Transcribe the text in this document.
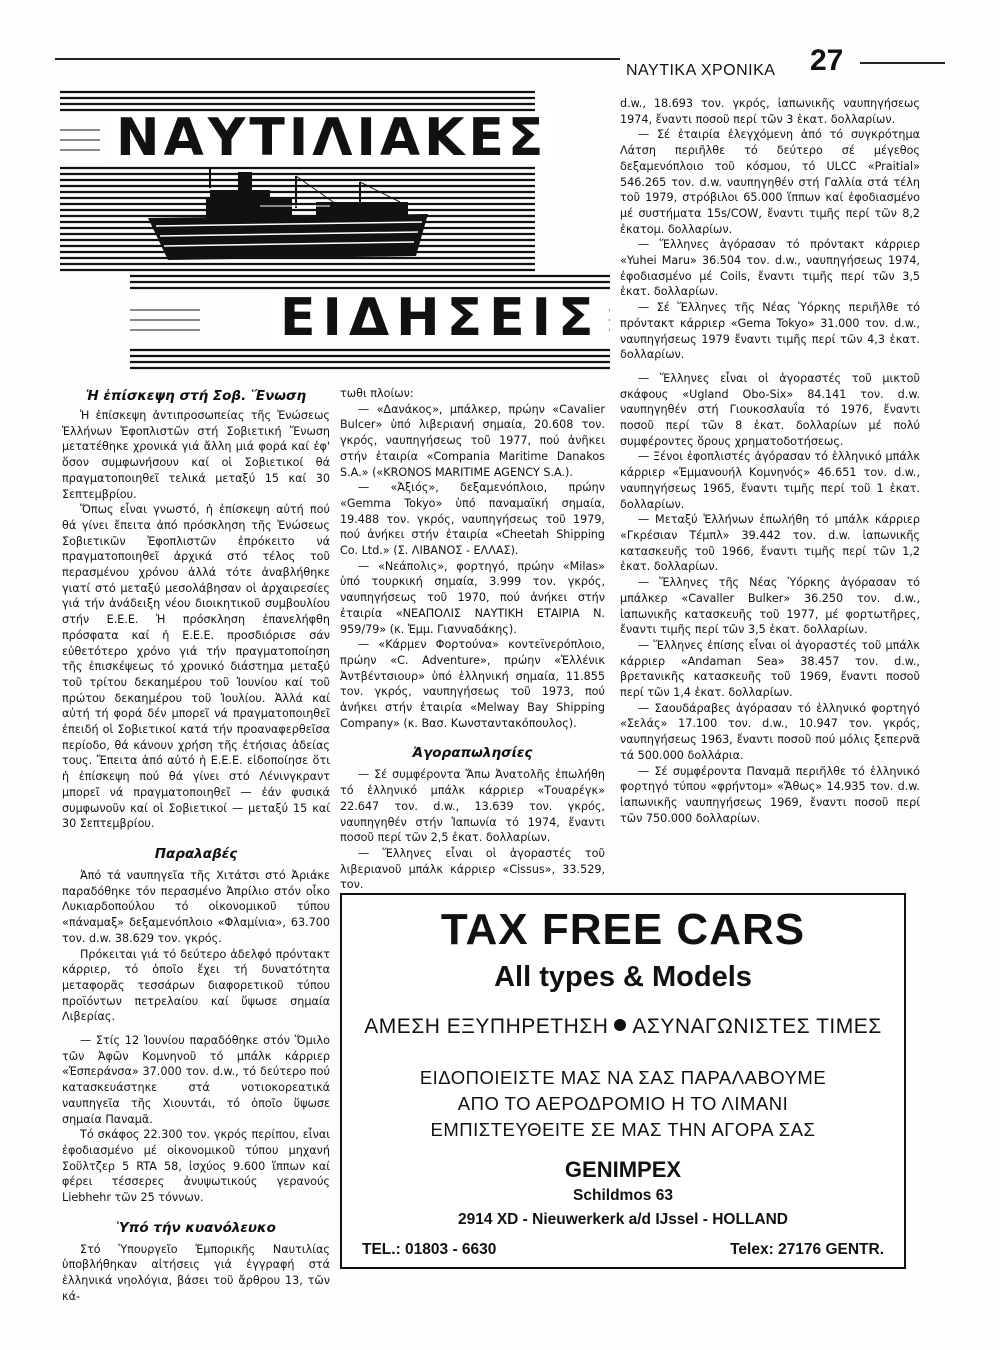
ΝΑΥΤΙΚΑ ΧΡΟΝΙΚΑ 27
ΝΑΥΤΙΛΙΑΚΕΣ
ΕΙΔΗΣΕΙΣ
Ἡ ἐπίσκεψη στή Σοβ. Ἕνωση

Ἡ ἐπίσκεψη ἀντιπροσωπείας τῆς Ἑνώσεως Ἑλλήνων Ἐφοπλιστῶν στή Σοβιετική Ἕνωση μετατέθηκε χρονικά γιά ἄλλη μιά φορά καί ἐφ' ὅσον συμφωνήσουν καί οἱ Σοβιετικοί θά πραγματοποιηθεῖ τελικά μεταξύ 15 καί 30 Σεπτεμβρίου.

Ὅπως εἶναι γνωστό, ἡ ἐπίσκεψη αὐτή πού θά γίνει ἔπειτα ἀπό πρόσκληση τῆς Ἑνώσεως Σοβιετικῶν Ἐφοπλιστῶν ἐπρόκειτο νά πραγματοποιηθεῖ ἀρχικά στό τέλος τοῦ περασμένου χρόνου ἀλλά τότε ἀναβλήθηκε γιατί στό μεταξύ μεσολάβησαν οἱ ἀρχαιρεσίες γιά τήν ἀνάδειξη νέου διοικητικοῦ συμβουλίου στήν Ε.Ε.Ε. Ἡ πρόσκληση ἐπανελήφθη πρόσφατα καί ἡ Ε.Ε.Ε. προσδιόρισε σάν εὐθετότερο χρόνο γιά τήν πραγματοποίηση τῆς ἐπισκέψεως τό χρονικό διάστημα μεταξύ τοῦ τρίτου δεκαημέρου τοῦ Ἰουνίου καί τοῦ πρώτου δεκαημέρου τοῦ Ἰουλίου. Ἀλλά καί αὐτή τή φορά δέν μπορεῖ νά πραγματοποιηθεῖ ἐπειδή οἱ Σοβιετικοί κατά τήν προαναφερθεῖσα περίοδο, θά κάνουν χρήση τῆς ἐτήσιας ἀδείας τους. Ἔπειτα ἀπό αὐτό ἡ Ε.Ε.Ε. εἰδοποίησε ὅτι ἡ ἐπίσκεψη πού θά γίνει στό Λένινγκραντ μπορεῖ νά πραγματοποιηθεῖ — ἐάν φυσικά συμφωνοῦν καί οἱ Σοβιετικοί — μεταξύ 15 καί 30 Σεπτεμβρίου.

Παραλαβές

Ἀπό τά ναυπηγεῖα τῆς Χιτάτσι στό Ἀριάκε παραδόθηκε τόν περασμένο Ἀπρίλιο στόν οἶκο Λυκιαρδοπούλου τό οἰκονομικοῦ τύπου «πάναμαξ» δεξαμενόπλοιο «Φλαμίνια», 63.700 τον. d.w. 38.629 τον. γκρός.

Πρόκειται γιά τό δεύτερο ἀδελφό πρόντακτ κάρριερ, τό ὁποῖο ἔχει τή δυνατότητα μεταφορᾶς τεσσάρων διαφορετικοῦ τύπου προϊόντων πετρελαίου καί ὕψωσε σημαία Λιβερίας.

— Στίς 12 Ἰουνίου παραδόθηκε στόν Ὅμιλο τῶν Ἀφῶν Κομνηνοῦ τό μπάλκ κάρριερ «Ἐσπεράνσα» 37.000 τον. d.w., τό δεύτερο πού κατασκευάστηκε στά νοτιοκορεατικά ναυπηγεῖα τῆς Χιουντάι, τό ὁποῖο ὕψωσε σημαία Παναμᾶ.

Τό σκάφος 22.300 τον. γκρός περίπου, εἶναι ἐφοδιασμένο μέ οἰκονομικοῦ τύπου μηχανή Σοῦλτζερ 5 RTA 58, ἰσχύος 9.600 ἵππων καί φέρει τέσσερες ἀνυψωτικούς γερανούς Liebhehr τῶν 25 τόννων.

Ὑπό τήν κυανόλευκο

Στό Ὑπουργεῖο Ἐμπορικῆς Ναυτιλίας ὑποβλήθηκαν αἰτήσεις γιά ἐγγραφή στά ἑλληνικά νηολόγια, βάσει τοῦ ἄρθρου 13, τῶν κά-

τωθι πλοίων:

— «Δανάκος», μπάλκερ, πρώην «Cavalier Bulcer» ὑπό λιβεριανή σημαία, 20.608 τον. γκρός, ναυπηγήσεως τοῦ 1977, πού ἀνῆκει στήν ἐταιρία «Compania Maritime Danakos S.A.» («KRONOS MARITIME AGENCY S.A.).

— «Ἀξιός», δεξαμενόπλοιο, πρώην «Gemma Tokyo» ὑπό παναμαϊκή σημαία, 19.488 τον. γκρός, ναυπηγήσεως τοῦ 1979, πού ἀνήκει στήν ἐταιρία «Cheetah Shipping Co. Ltd.» (Σ. ΛΙΒΑΝΟΣ - ΕΛΛΑΣ).

— «Νεάπολις», φορτηγό, πρώην «Milas» ὑπό τουρκική σημαία, 3.999 τον. γκρός, ναυπηγήσεως τοῦ 1970, πού ἀνήκει στήν ἐταιρία «ΝΕΑΠΟΛΙΣ ΝΑΥΤΙΚΗ ΕΤΑΙΡΙΑ Ν. 959/79» (κ. Ἐμμ. Γιανναδάκης).

— «Κάρμεν Φορτούνα» κοντεϊνερόπλοιο, πρώην «C. Adventure», πρώην «Ἑλλένικ Ἀντβέντσιουρ» ὑπό ἑλληνική σημαία, 11.855 τον. γκρός, ναυπηγήσεως τοῦ 1973, πού ἀνήκει στήν ἐταιρία «Melway Bay Shipping Company» (κ. Βασ. Κωνσταντακόπουλος).

Ἀγοραπωλησίες

— Σέ συμφέροντα Ἄπω Ἀνατολῆς ἐπωλήθη τό ἑλληνικό μπάλκ κάρριερ «Τουαρέγκ» 22.647 τον. d.w., 13.639 τον. γκρός, ναυπηγηθέν στήν Ἰαπωνία τό 1974, ἔναντι ποσοῦ περί τῶν 2,5 ἑκατ. δολλαρίων.

— Ἕλληνες εἶναι οἱ ἀγοραστές τοῦ λιβεριανοῦ μπάλκ κάρριερ «Cissus», 33.529, τον.

d.w., 18.693 τον. γκρός, ἰαπωνικῆς ναυπηγήσεως 1974, ἔναντι ποσοῦ περί τῶν 3 ἑκατ. δολλαρίων.

— Σέ ἐταιρία ἐλεγχόμενη ἀπό τό συγκρότημα Λάτση περιῆλθε τό δεύτερο σέ μέγεθος δεξαμενόπλοιο τοῦ κόσμου, τό ULCC «Praitial» 546.265 τον. d.w. ναυπηγηθέν στή Γαλλία στά τέλη τοῦ 1979, στρόβιλοι 65.000 ἵππων καί ἐφοδιασμένο μέ συστήματα 15s/COW, ἔναντι τιμῆς περί τῶν 8,2 ἑκατομ. δολλαρίων.

— Ἕλληνες ἀγόρασαν τό πρόντακτ κάρριερ «Yuhei Maru» 36.504 τον. d.w., ναυπηγήσεως 1974, ἐφοδιασμένο μέ Coils, ἔναντι τιμῆς περί τῶν 3,5 ἑκατ. δολλαρίων.

— Σέ Ἕλληνες τῆς Νέας Ὑόρκης περιῆλθε τό πρόντακτ κάρριερ «Gema Tokyo» 31.000 τον. d.w., ναυπηγήσεως 1979 ἔναντι τιμῆς περί τῶν 4,3 ἑκατ. δολλαρίων.

— Ἕλληνες εἶναι οἱ ἀγοραστές τοῦ μικτοῦ σκάφους «Ugland Obo-Six» 84.141 τον. d.w. ναυπηγηθέν στή Γιουκοσλαυΐα τό 1976, ἔναντι ποσοῦ περί τῶν 8 ἑκατ. δολλαρίων μέ πολύ συμφέροντες ὅρους χρηματοδοτήσεως.

— Ξένοι ἐφοπλιστές ἀγόρασαν τό ἑλληνικό μπάλκ κάρριερ «Ἐμμανουήλ Κομνηνός» 46.651 τον. d.w., ναυπηγήσεως 1965, ἔναντι τιμῆς περί τοῦ 1 ἑκατ. δολλαρίων.

— Μεταξύ Ἑλλήνων ἐπωλήθη τό μπάλκ κάρριερ «Γκρέσιαν Τέμπλ» 39.442 τον. d.w. ἰαπωνικῆς κατασκευῆς τοῦ 1966, ἔναντι τιμῆς περί τῶν 1,2 ἑκατ. δολλαρίων.

— Ἕλληνες τῆς Νέας Ὑόρκης ἀγόρασαν τό μπάλκερ «Cavaller Bulker» 36.250 τον. d.w., ἰαπωνικῆς κατασκευῆς τοῦ 1977, μέ φορτωτῆρες, ἔναντι τιμῆς περί τῶν 3,5 ἑκατ. δολλαρίων.

— Ἕλληνες ἐπίσης εἶναι οἱ ἀγοραστές τοῦ μπάλκ κάρριερ «Andaman Sea» 38.457 τον. d.w., βρετανικῆς κατασκευῆς τοῦ 1969, ἔναντι ποσοῦ περί τῶν 1,4 ἑκατ. δολλαρίων.

— Σαουδάραβες ἀγόρασαν τό ἑλληνικό φορτηγό «Σελάς» 17.100 τον. d.w., 10.947 τον. γκρός, ναυπηγήσεως 1963, ἔναντι ποσοῦ πού μόλις ξεπερνᾶ τά 500.000 δολλάρια.

— Σέ συμφέροντα Παναμᾶ περιῆλθε τό ἑλληνικό φορτηγό τύπου «φρήντομ» «Ἄθως» 14.935 τον. d.w. ἰαπωνικῆς ναυπηγήσεως 1969, ἔναντι ποσοῦ περί τῶν 750.000 δολλαρίων.

TAX FREE CARS
All types & Models
ΑΜΕΣΗ ΕΞΥΠΗΡΕΤΗΣΗ ΑΣΥΝΑΓΩΝΙΣΤΕΣ ΤΙΜΕΣ
ΕΙΔΟΠΟΙΕΙΣΤΕ ΜΑΣ ΝΑ ΣΑΣ ΠΑΡΑΛΑΒΟΥΜΕ
ΑΠΟ ΤΟ ΑΕΡΟΔΡΟΜΙΟ Η ΤΟ ΛΙΜΑΝΙ
ΕΜΠΙΣΤΕΥΘΕΙΤΕ ΣΕ ΜΑΣ ΤΗΝ ΑΓΟΡΑ ΣΑΣ
GENIMPEX
Schildmos 63
2914 XD - Nieuwerkerk a/d IJssel - HOLLAND
TEL.: 01803 - 6630	Telex: 27176 GENTR.
